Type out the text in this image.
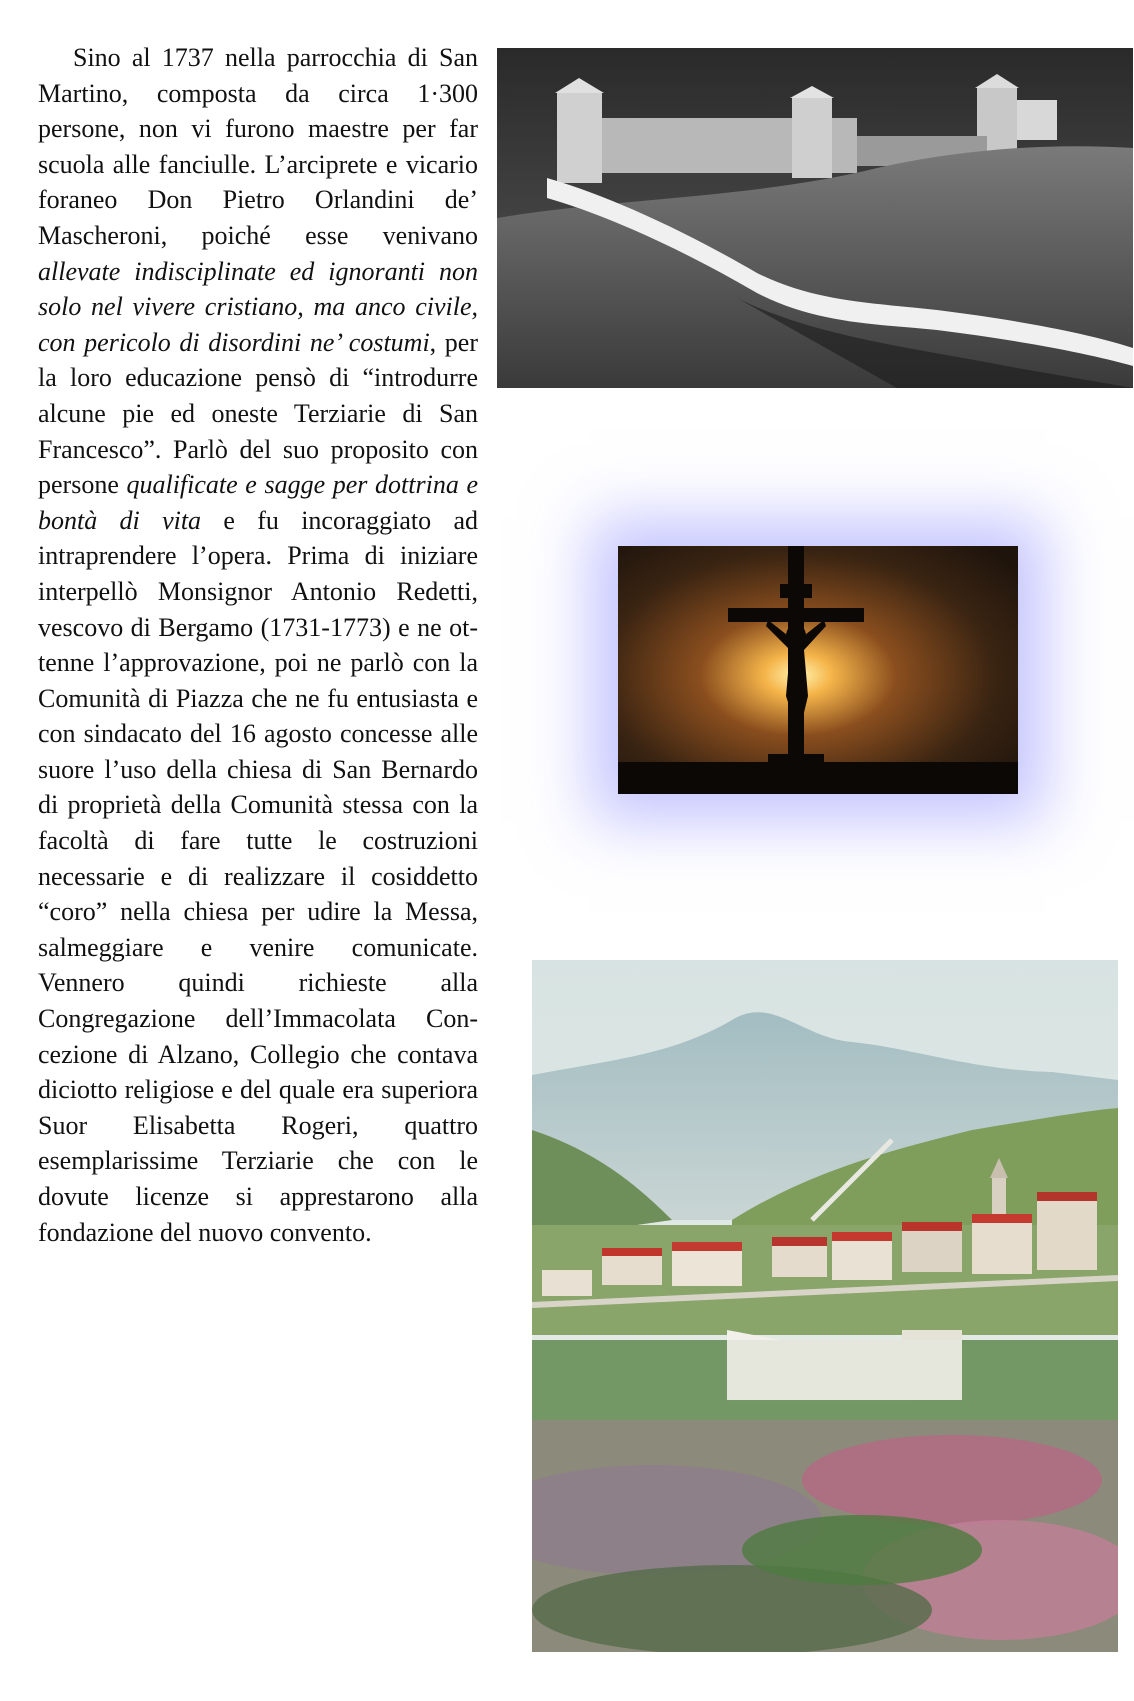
Sino al 1737 nella parrocchia di San Martino, composta da circa 1·300 persone, non vi furono maestre per far scuola alle fanciulle. L’arciprete e vicario foraneo Don Pietro Orlandini de’ Mascheroni, poiché esse venivano allevate indisciplinate ed ignoranti non solo nel vivere cristiano, ma anco civile, con pericolo di disordini ne’ costumi, per la loro educazione pensò di “introdurre alcune pie ed oneste Terziarie di San Francesco”. Parlò del suo proposito con persone qualificate e sagge per dottrina e bontà di vita e fu incoraggiato ad intraprendere l’opera. Prima di iniziare interpellò Monsignor Antonio Redetti, vescovo di Bergamo (1731-1773) e ne ottenne l’approvazione, poi ne parlò con la Comunità di Piazza che ne fu entusiasta e con sindacato del 16 agosto concesse alle suore l’uso della chiesa di San Bernardo di proprietà della Comunità stessa con la facoltà di fare tutte le costruzioni necessarie e di realizzare il cosiddetto “coro” nella chiesa per udire la Messa, salmeggiare e venire comunicate. Vennero quindi richieste alla Congregazione dell’Immacolata Concezione di Alzano, Collegio che contava diciotto religiose e del quale era superiora Suor Elisabetta Rogeri, quattro esemplarissime Terziarie che con le dovute licenze si apprestarono alla fondazione del nuovo convento.
